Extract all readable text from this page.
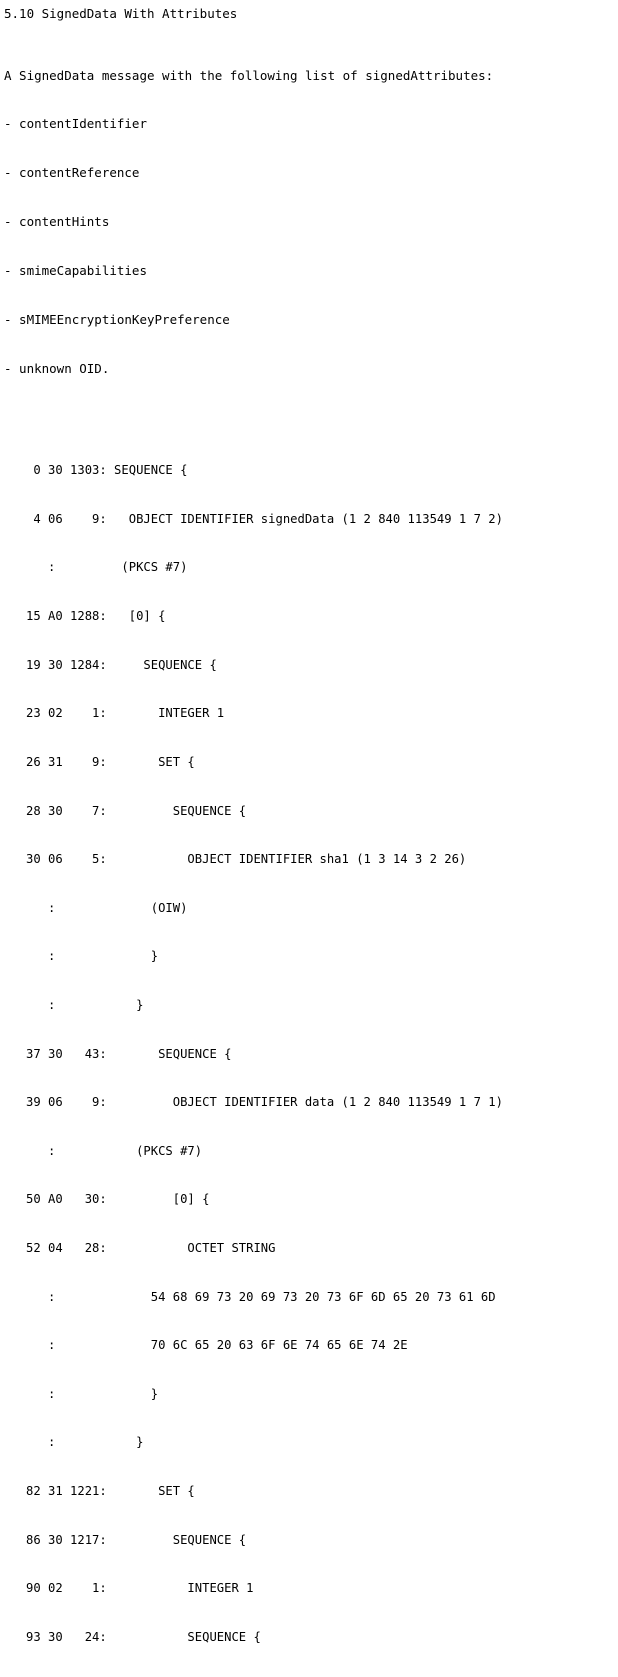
5.10 SignedData With Attributes

A SignedData message with the following list of signedAttributes:

- contentIdentifier

- contentReference

- contentHints

- smimeCapabilities

- sMIMEEncryptionKeyPreference

- unknown OID.

0 30 1303: SEQUENCE {

4 06    9:   OBJECT IDENTIFIER signedData (1 2 840 113549 1 7 2)

:         (PKCS #7)

15 A0 1288:   [0] {

19 30 1284:     SEQUENCE {

23 02    1:       INTEGER 1

26 31    9:       SET {

28 30    7:         SEQUENCE {

30 06    5:           OBJECT IDENTIFIER sha1 (1 3 14 3 2 26)

:             (OIW)

:             }

:           }

37 30   43:       SEQUENCE {

39 06    9:         OBJECT IDENTIFIER data (1 2 840 113549 1 7 1)

:           (PKCS #7)

50 A0   30:         [0] {

52 04   28:           OCTET STRING

:             54 68 69 73 20 69 73 20 73 6F 6D 65 20 73 61 6D

:             70 6C 65 20 63 6F 6E 74 65 6E 74 2E

:             }

:           }

82 31 1221:       SET {

86 30 1217:         SEQUENCE {

90 02    1:           INTEGER 1

93 30   24:           SEQUENCE {
